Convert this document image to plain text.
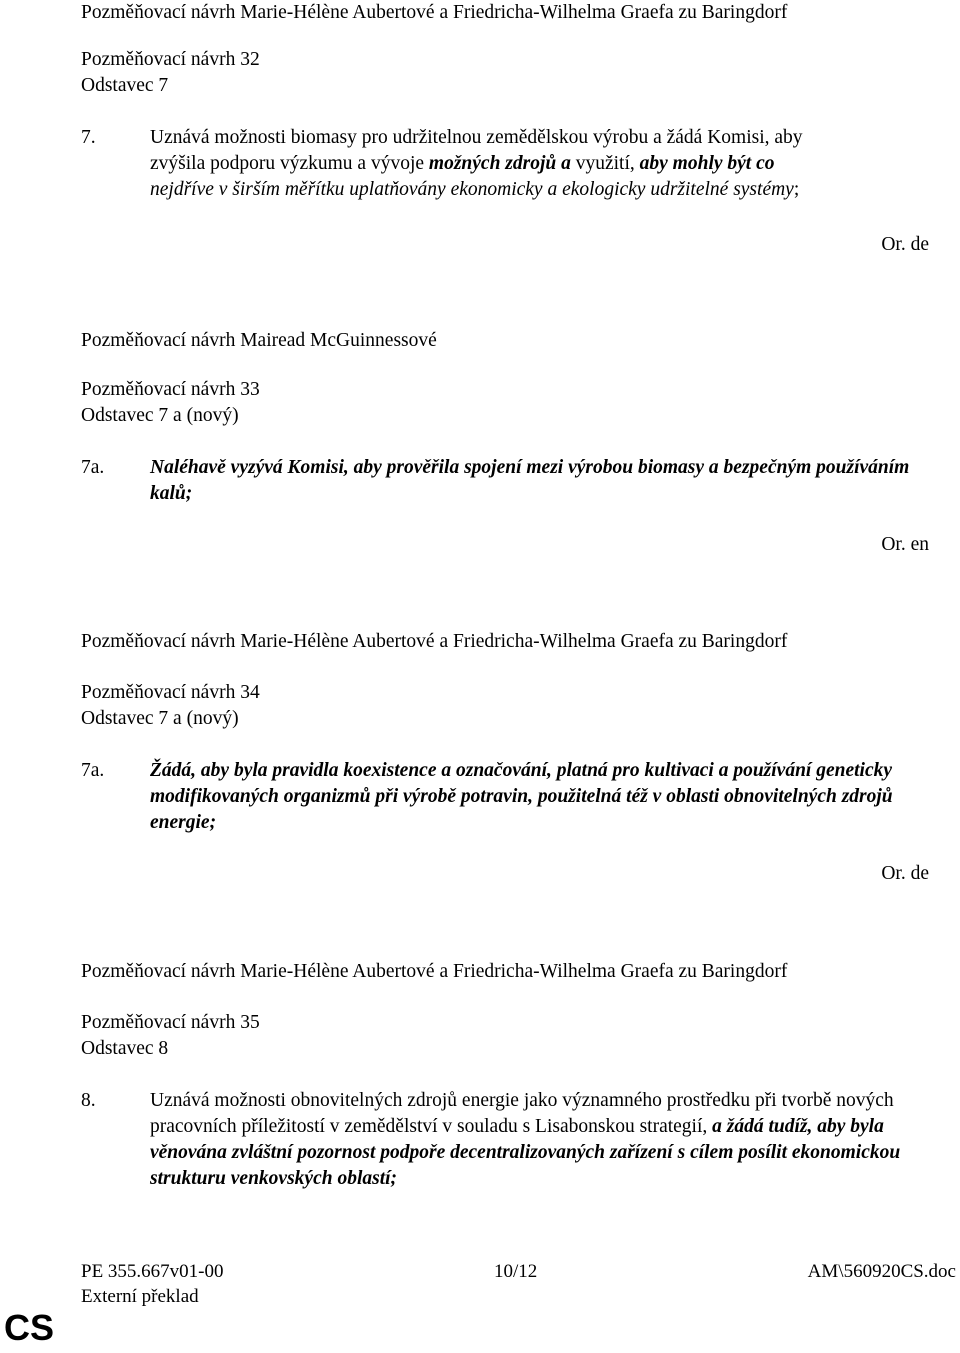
Pozměňovací návrh Marie-Hélène Aubertové a Friedricha-Wilhelma Graefa zu Baringdorf
Pozměňovací návrh 32
Odstavec 7
7.	Uznává možnosti biomasy pro udržitelnou zemědělskou výrobu a žádá Komisi, aby
zvýšila podporu výzkumu a vývoje možných zdrojů a využití, aby mohly být co
nejdříve v širším měřítku uplatňovány ekonomicky a ekologicky udržitelné systémy;
Or. de
Pozměňovací návrh Mairead McGuinnessové
Pozměňovací návrh 33
Odstavec 7 a (nový)
7a. Naléhavě vyzývá Komisi, aby prověřila spojení mezi výrobou biomasy a bezpečným používáním kalů;
Or. en
Pozměňovací návrh Marie-Hélène Aubertové a Friedricha-Wilhelma Graefa zu Baringdorf
Pozměňovací návrh 34
Odstavec 7 a (nový)
7a. Žádá, aby byla pravidla koexistence a označování, platná pro kultivaci a používání geneticky modifikovaných organizmů při výrobě potravin, použitelná též v oblasti obnovitelných zdrojů energie;
Or. de
Pozměňovací návrh Marie-Hélène Aubertové a Friedricha-Wilhelma Graefa zu Baringdorf
Pozměňovací návrh 35
Odstavec 8
8.	Uznává možnosti obnovitelných zdrojů energie jako významného prostředku při tvorbě nových pracovních příležitostí v zemědělství v souladu s Lisabonskou strategií, a žádá tudíž, aby byla věnována zvláštní pozornost podpoře decentralizovaných zařízení s cílem posílit ekonomickou strukturu venkovských oblastí;
PE 355.667v01-00	10/12	AM\560920CS.doc
Externí překlad
CS
